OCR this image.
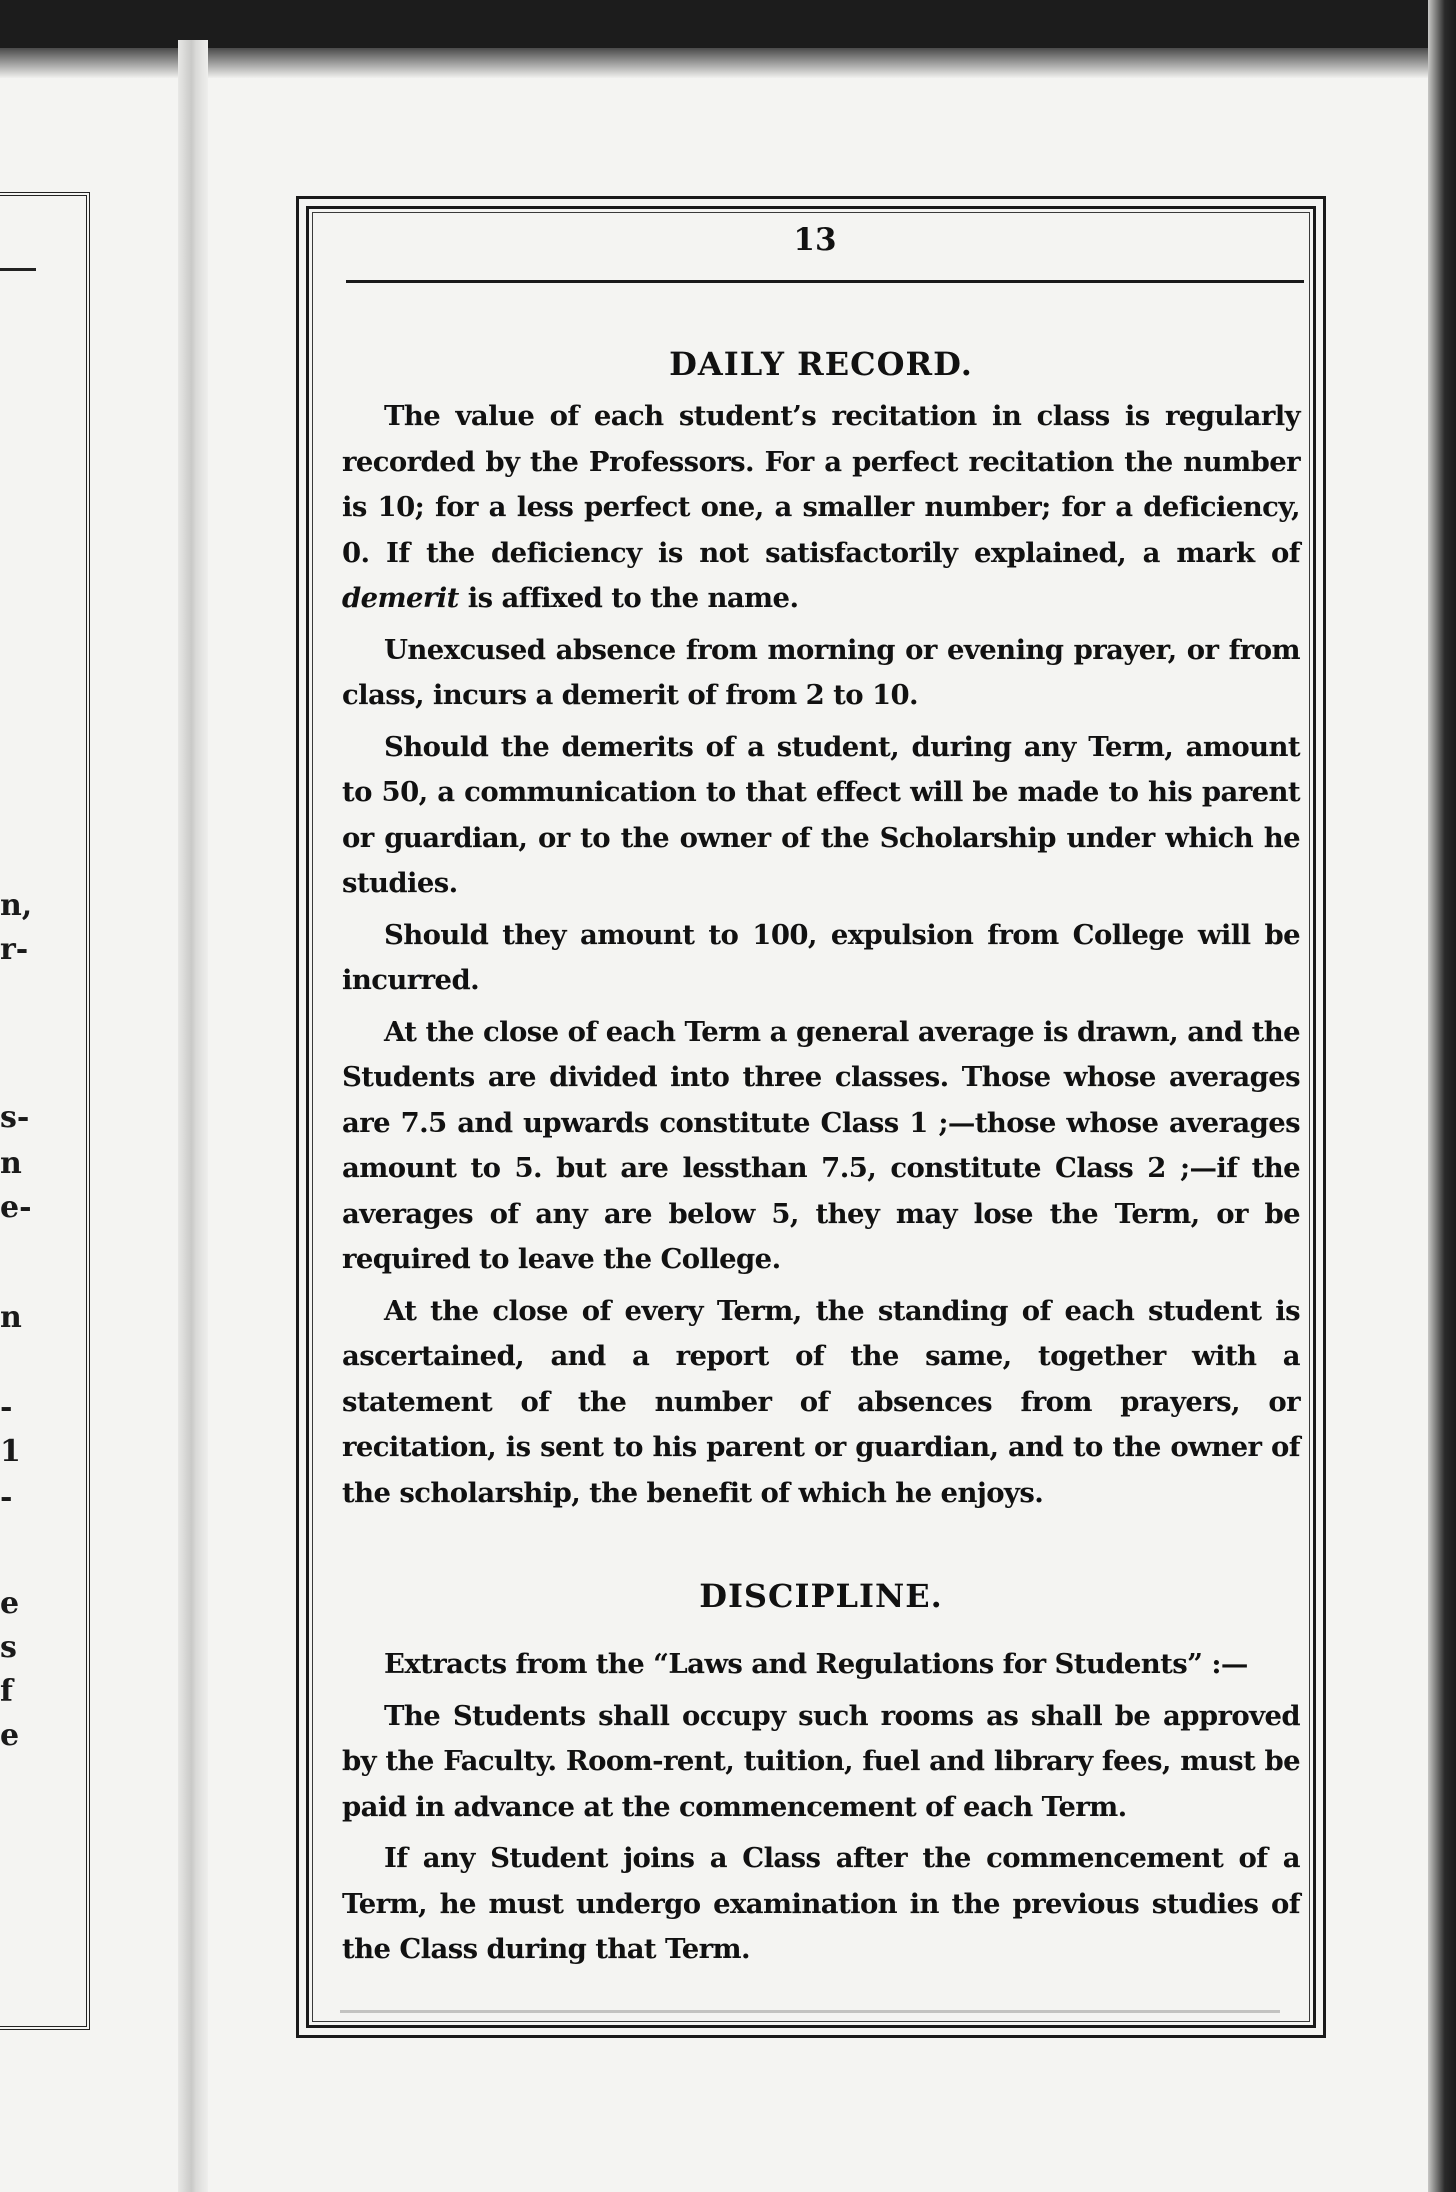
n,
r-
s-
n
e-
n
-
1
-
e
s
f
e
13
DAILY RECORD.

The value of each student’s recitation in class is regularly recorded by the Professors. For a perfect recitation the number is 10; for a less perfect one, a smaller number; for a deficiency, 0. If the deficiency is not satisfactorily explained, a mark of demerit is affixed to the name.

Unexcused absence from morning or evening prayer, or from class, incurs a demerit of from 2 to 10.

Should the demerits of a student, during any Term, amount to 50, a communication to that effect will be made to his parent or guardian, or to the owner of the Scholarship under which he studies.

Should they amount to 100, expulsion from College will be incurred.

At the close of each Term a general average is drawn, and the Students are divided into three classes. Those whose averages are 7.5 and upwards constitute Class 1 ;—those whose averages amount to 5. but are lessthan 7.5, constitute Class 2 ;—if the averages of any are below 5, they may lose the Term, or be required to leave the College.

At the close of every Term, the standing of each student is ascertained, and a report of the same, together with a statement of the number of absences from prayers, or recitation, is sent to his parent or guardian, and to the owner of the scholarship, the benefit of which he enjoys.

DISCIPLINE.

Extracts from the “Laws and Regulations for Students” :—

The Students shall occupy such rooms as shall be approved by the Faculty. Room-rent, tuition, fuel and library fees, must be paid in advance at the commencement of each Term.

If any Student joins a Class after the commencement of a Term, he must undergo examination in the previous studies of the Class during that Term.
